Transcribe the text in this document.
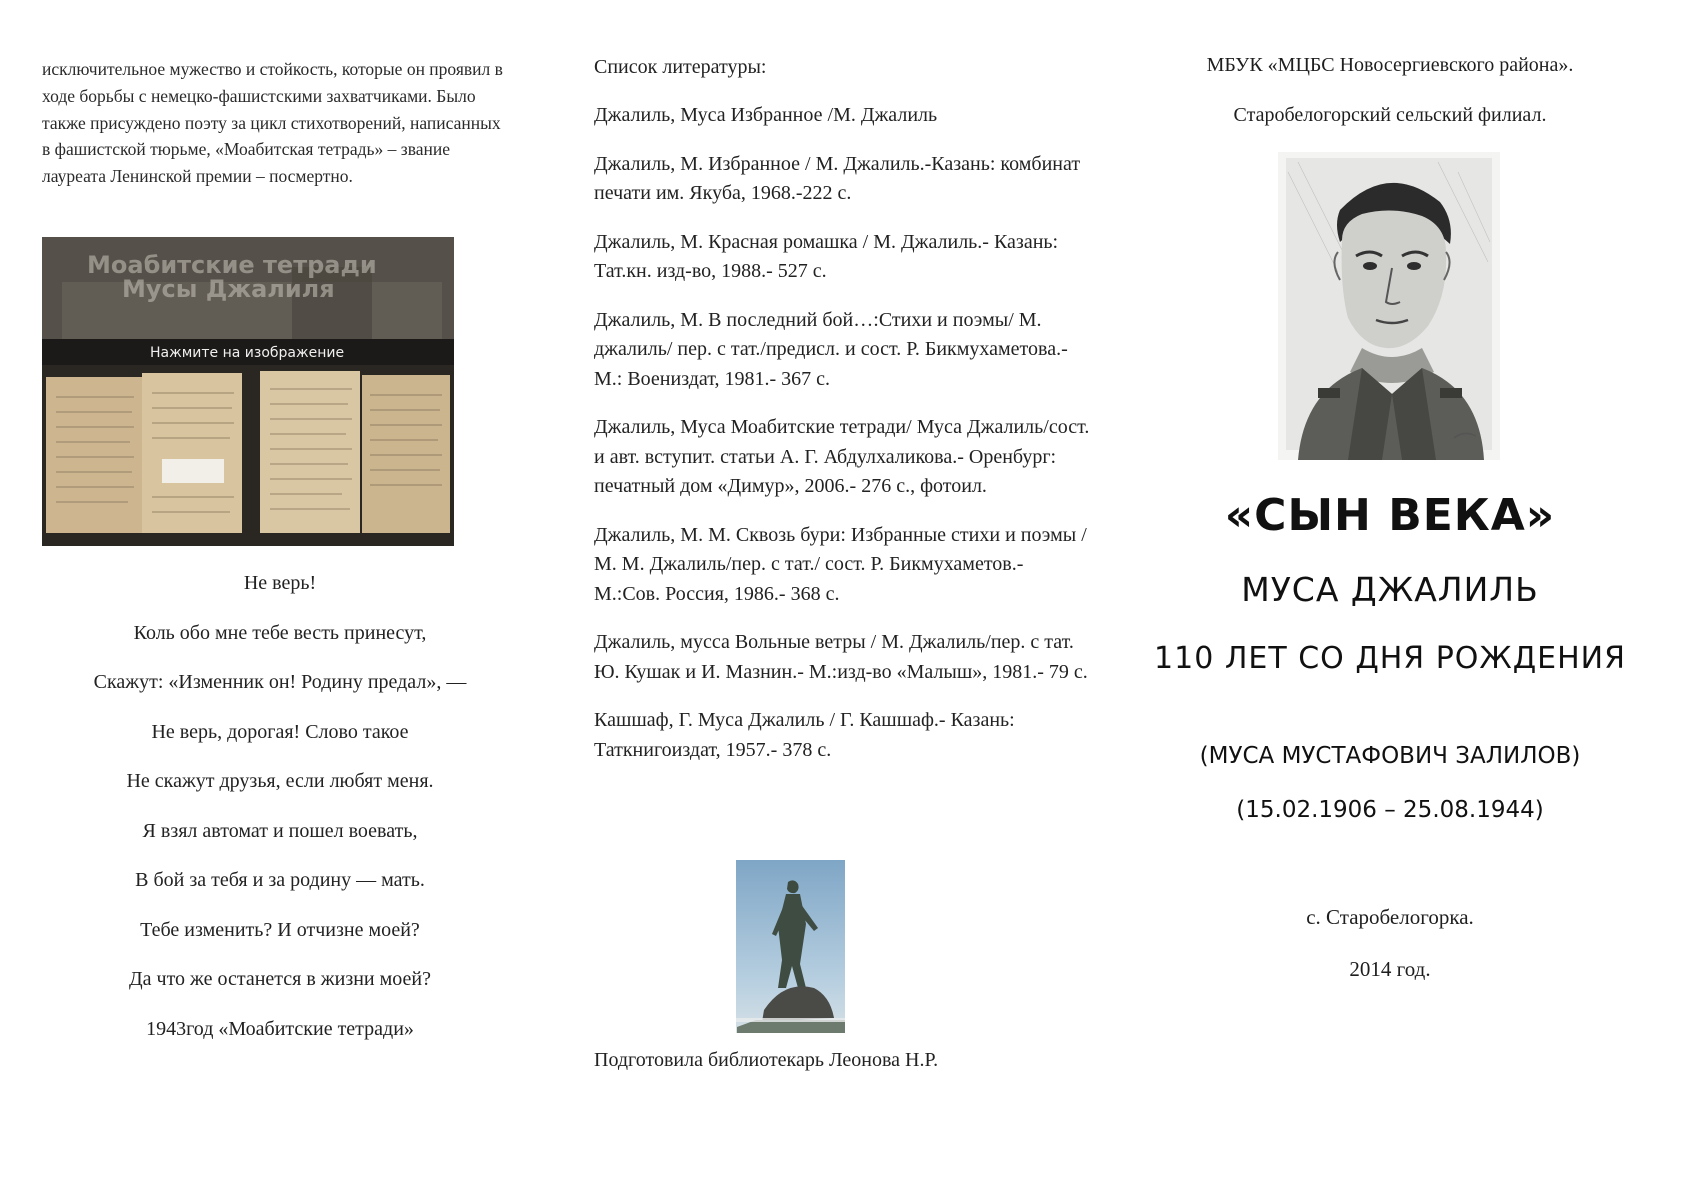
исключительное мужество и стойкость, которые он проявил в ходе борьбы с немецко-фашистскими захватчиками. Было также присуждено поэту за цикл стихотворений, написанных в фашистской тюрьме, «Моабитская тетрадь» – звание лауреата Ленинской премии – посмертно.
Моабитские тетради
Мусы Джалиля
Нажмите на изображение
Не верь!
Коль обо мне тебе весть принесут,
Скажут: «Изменник он! Родину предал», —
Не верь, дорогая! Слово такое
Не скажут друзья, если любят меня.
Я взял автомат и пошел воевать,
В бой за тебя и за родину — мать.
Тебе изменить? И отчизне моей?
Да что же останется в жизни моей?
1943год «Моабитские тетради»
Список литературы:
Джалиль, Муса Избранное /М. Джалиль
Джалиль, М. Избранное / М. Джалиль.-Казань: комбинат печати им. Якуба, 1968.-222 с.
Джалиль, М. Красная ромашка / М. Джалиль.- Казань: Тат.кн. изд-во, 1988.- 527 с.
Джалиль, М. В последний бой…:Стихи и поэмы/ М. джалиль/ пер. с тат./предисл. и сост. Р. Бикмухаметова.- М.: Воениздат, 1981.- 367 с.
Джалиль, Муса Моабитские тетради/ Муса Джалиль/сост. и авт. вступит. статьи А. Г. Абдулхаликова.- Оренбург: печатный дом «Димур», 2006.- 276 с., фотоил.
Джалиль, М. М. Сквозь бури: Избранные стихи и поэмы / М. М. Джалиль/пер. с тат./ сост. Р. Бикмухаметов.- М.:Сов. Россия, 1986.- 368 с.
Джалиль, мусса Вольные ветры / М. Джалиль/пер. с тат. Ю. Кушак и И. Мазнин.- М.:изд-во «Малыш», 1981.- 79 с.
Кашшаф, Г. Муса Джалиль / Г. Кашшаф.- Казань: Таткнигоиздат, 1957.- 378 с.
Подготовила библиотекарь Леонова Н.Р.
МБУК «МЦБС Новосергиевского района».
Старобелогорский сельский филиал.
«СЫН ВЕКА»
МУСА ДЖАЛИЛЬ
110 ЛЕТ СО ДНЯ РОЖДЕНИЯ
(МУСА МУСТАФОВИЧ ЗАЛИЛОВ)
(15.02.1906 – 25.08.1944)
с. Старобелогорка.
2014 год.
